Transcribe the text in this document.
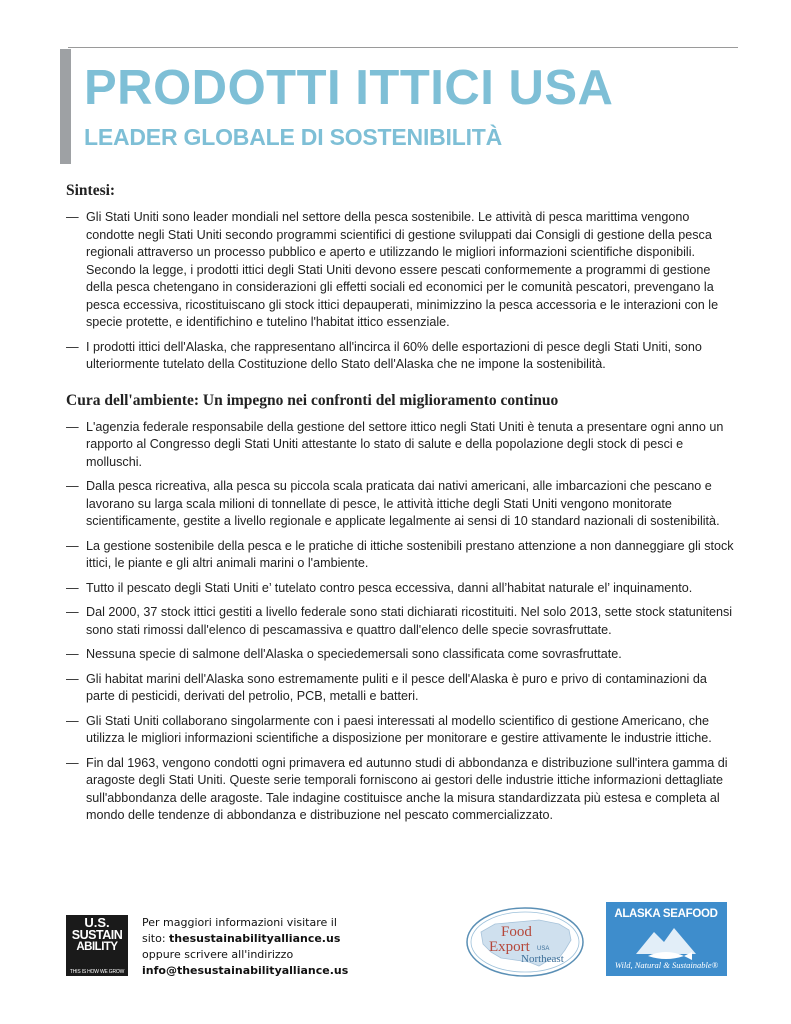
PRODOTTI ITTICI USA
LEADER GLOBALE DI SOSTENIBILITÀ
Sintesi:
— Gli Stati Uniti sono leader mondiali nel settore della pesca sostenibile. Le attività di pesca marittima vengono condotte negli Stati Uniti secondo programmi scientifici di gestione sviluppati dai Consigli di gestione della pesca regionali attraverso un processo pubblico e aperto e utilizzando le migliori informazioni scientifiche disponibili. Secondo la legge, i prodotti ittici degli Stati Uniti devono essere pescati conformemente a programmi di gestione della pesca chetengano in considerazioni gli effetti sociali ed economici per le comunità pescatori, prevengano la pesca eccessiva, ricostituiscano gli stock ittici depauperati, minimizzino la pesca accessoria e le interazioni con le specie protette, e identifichino e tutelino l'habitat ittico essenziale.
— I prodotti ittici dell'Alaska, che rappresentano all'incirca il 60% delle esportazioni di pesce degli Stati Uniti, sono ulteriormente tutelato della Costituzione dello Stato dell'Alaska che ne impone la sostenibilità.
Cura dell'ambiente: Un impegno nei confronti del miglioramento continuo
— L'agenzia federale responsabile della gestione del settore ittico negli Stati Uniti è tenuta a presentare ogni anno un rapporto al Congresso degli Stati Uniti attestante lo stato di salute e della popolazione degli stock di pesci e molluschi.
— Dalla pesca ricreativa, alla pesca su piccola scala praticata dai nativi americani, alle imbarcazioni che pescano e lavorano su larga scala milioni di tonnellate di pesce, le attività ittiche degli Stati Uniti vengono monitorate scientificamente, gestite a livello regionale e applicate legalmente ai sensi di 10 standard nazionali di sostenibilità.
— La gestione sostenibile della pesca e le pratiche di ittiche sostenibili prestano attenzione a non danneggiare gli stock ittici, le piante e gli altri animali marini o l'ambiente.
— Tutto il pescato degli Stati Uniti e’ tutelato contro pesca eccessiva, danni all’habitat naturale el’ inquinamento.
— Dal 2000, 37 stock ittici gestiti a livello federale sono stati dichiarati ricostituiti. Nel solo 2013, sette stock statunitensi sono stati rimossi dall'elenco di pescamassiva e quattro dall'elenco delle specie sovrasfruttate.
— Nessuna specie di salmone dell'Alaska o speciedemersali sono classificata come sovrasfruttate.
— Gli habitat marini dell'Alaska sono estremamente puliti e il pesce dell'Alaska è puro e privo di contaminazioni da parte di pesticidi, derivati del petrolio, PCB, metalli e batteri.
— Gli Stati Uniti collaborano singolarmente con i paesi interessati al modello scientifico di gestione Americano, che utilizza le migliori informazioni scientifiche a disposizione per monitorare e gestire attivamente le industrie ittiche.
— Fin dal 1963, vengono condotti ogni primavera ed autunno studi di abbondanza e distribuzione sull'intera gamma di aragoste degli Stati Uniti. Queste serie temporali forniscono ai gestori delle industrie ittiche informazioni dettagliate sull'abbondanza delle aragoste. Tale indagine costituisce anche la misura standardizzata più estesa e completa al mondo delle tendenze di abbondanza e distribuzione nel pescato commercializzato.
U.S.
SUSTAIN
ABILITY
THIS IS HOW WE GROW
Per maggiori informazioni visitare il
sito: thesustainabilityalliance.us
oppure scrivere all'indirizzo
info@thesustainabilityalliance.us
Food
Export USA
Northeast
ALASKA SEAFOOD
Wild, Natural & Sustainable®
